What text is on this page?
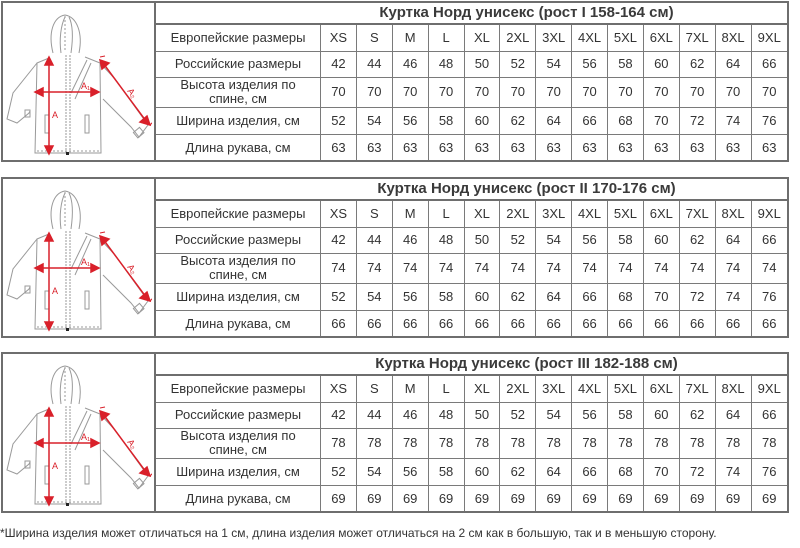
A
A₁
A₂
Куртка Норд унисекс (рост I 158-164 см)
Европейские размеры	XS	S	M	L	XL	2XL	3XL	4XL	5XL	6XL	7XL	8XL	9XL
Российские размеры	42	44	46	48	50	52	54	56	58	60	62	64	66
Высота изделия по спине, см	70	70	70	70	70	70	70	70	70	70	70	70	70
Ширина изделия, см	52	54	56	58	60	62	64	66	68	70	72	74	76
Длина рукава, см	63	63	63	63	63	63	63	63	63	63	63	63	63
A
A₁
A₂
Куртка Норд унисекс (рост II 170-176 см)
Европейские размеры	XS	S	M	L	XL	2XL	3XL	4XL	5XL	6XL	7XL	8XL	9XL
Российские размеры	42	44	46	48	50	52	54	56	58	60	62	64	66
Высота изделия по спине, см	74	74	74	74	74	74	74	74	74	74	74	74	74
Ширина изделия, см	52	54	56	58	60	62	64	66	68	70	72	74	76
Длина рукава, см	66	66	66	66	66	66	66	66	66	66	66	66	66
A
A₁
A₂
Куртка Норд унисекс (рост III 182-188 см)
Европейские размеры	XS	S	M	L	XL	2XL	3XL	4XL	5XL	6XL	7XL	8XL	9XL
Российские размеры	42	44	46	48	50	52	54	56	58	60	62	64	66
Высота изделия по спине, см	78	78	78	78	78	78	78	78	78	78	78	78	78
Ширина изделия, см	52	54	56	58	60	62	64	66	68	70	72	74	76
Длина рукава, см	69	69	69	69	69	69	69	69	69	69	69	69	69
*Ширина изделия может отличаться на 1 см, длина изделия может отличаться на 2 см как в большую, так и в меньшую сторону.
